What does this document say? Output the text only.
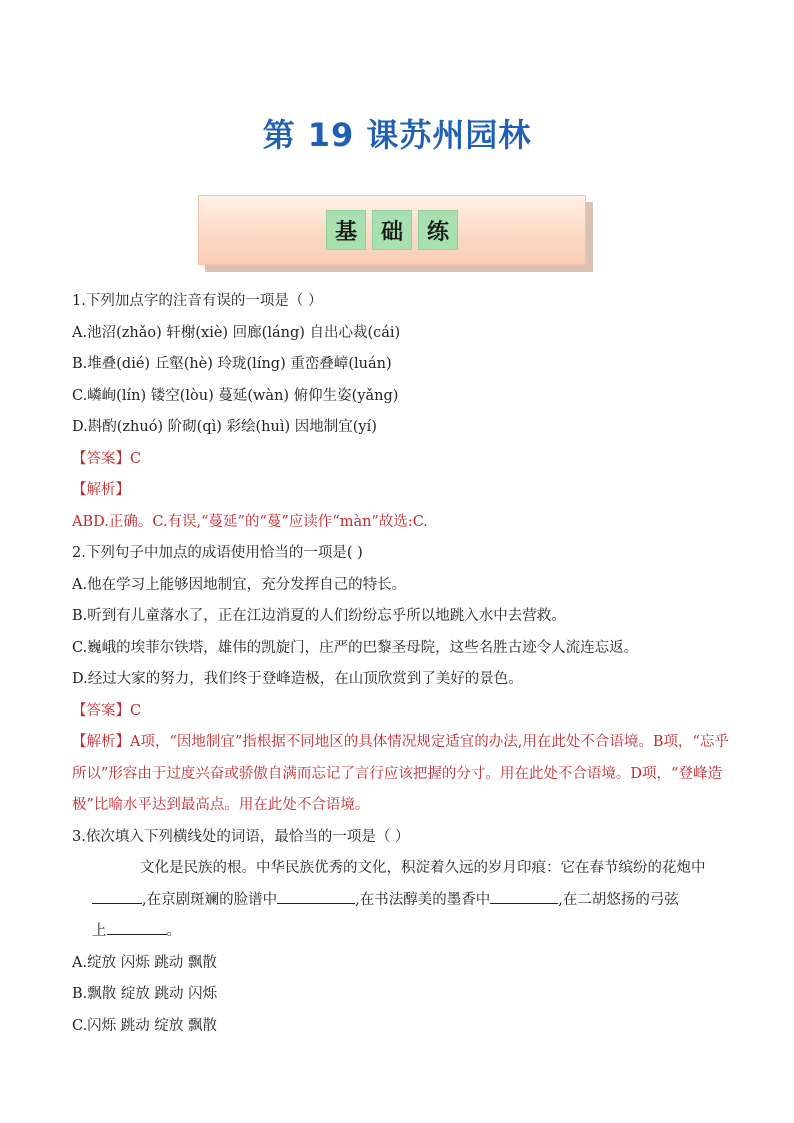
第 19 课苏州园林
基	础	练
1.下列加点字的注音有误的一项是（ ）
A.池沼(zhǎo) 轩榭(xiè) 回廊(láng) 自出心裁(cái)
B.堆叠(dié) 丘壑(hè) 玲珑(líng) 重峦叠嶂(luán)
C.嶙峋(lín) 镂空(lòu) 蔓延(wàn) 俯仰生姿(yǎng)
D.斟酌(zhuó) 阶砌(qì) 彩绘(huì) 因地制宜(yí)
【答案】C
【解析】
ABD.正确。C.有误,“蔓延”的“蔓”应读作“màn”故选:C.
2.下列句子中加点的成语使用恰当的一项是( )
A.他在学习上能够因地制宜，充分发挥自己的特长。
B.听到有儿童落水了，正在江边消夏的人们纷纷忘乎所以地跳入水中去营救。
C.巍峨的埃菲尔铁塔，雄伟的凯旋门，庄严的巴黎圣母院，这些名胜古迹令人流连忘返。
D.经过大家的努力，我们终于登峰造极，在山顶欣赏到了美好的景色。
【答案】C
【解析】A项，“因地制宜”指根据不同地区的具体情况规定适宜的办法,用在此处不合语境。B项，“忘乎所以”形容由于过度兴奋或骄傲自满而忘记了言行应该把握的分寸。用在此处不合语境。D项，“登峰造极”比喻水平达到最高点。用在此处不合语境。
3.依次填入下列横线处的词语，最恰当的一项是（ ）
文化是民族的根。中华民族优秀的文化，积淀着久远的岁月印痕：它在春节缤纷的花炮中
,在京剧斑斓的脸谱中	,在书法醇美的墨香中	,在二胡悠扬的弓弦
上	。
A.绽放 闪烁 跳动 飘散
B.飘散 绽放 跳动 闪烁
C.闪烁 跳动 绽放 飘散
